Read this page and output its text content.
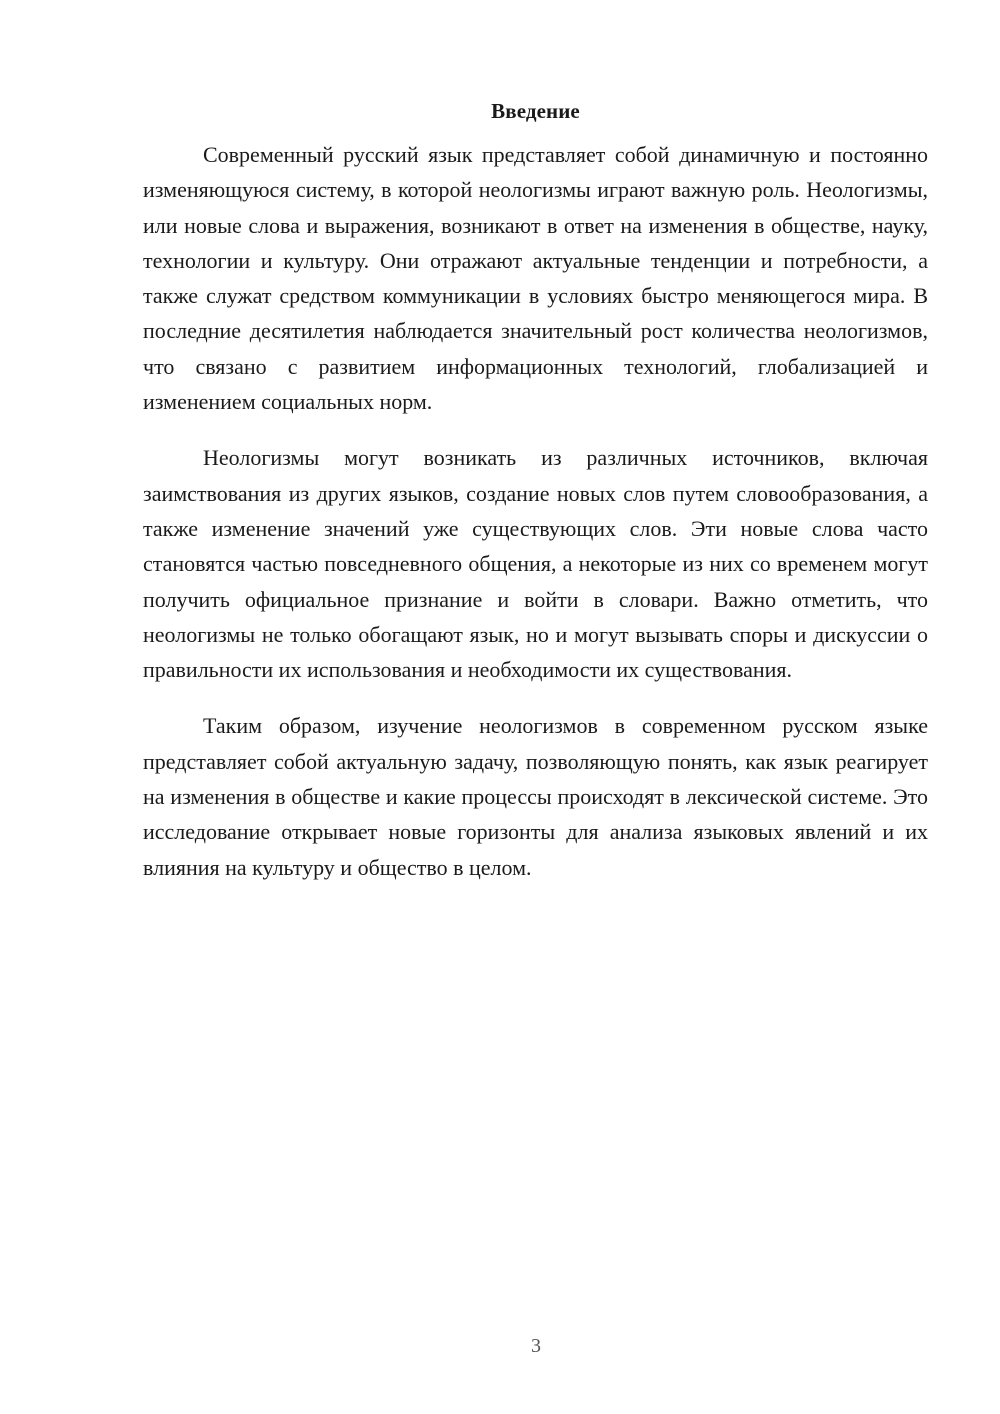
Введение

Современный русский язык представляет собой динамичную и постоянно изменяющуюся систему, в которой неологизмы играют важную роль. Неологизмы, или новые слова и выражения, возникают в ответ на изменения в обществе, науку, технологии и культуру. Они отражают актуальные тенденции и потребности, а также служат средством коммуникации в условиях быстро меняющегося мира. В последние десятилетия наблюдается значительный рост количества неологизмов, что связано с развитием информационных технологий, глобализацией и изменением социальных норм.

Неологизмы могут возникать из различных источников, включая заимствования из других языков, создание новых слов путем словообразования, а также изменение значений уже существующих слов. Эти новые слова часто становятся частью повседневного общения, а некоторые из них со временем могут получить официальное признание и войти в словари. Важно отметить, что неологизмы не только обогащают язык, но и могут вызывать споры и дискуссии о правильности их использования и необходимости их существования.

Таким образом, изучение неологизмов в современном русском языке представляет собой актуальную задачу, позволяющую понять, как язык реагирует на изменения в обществе и какие процессы происходят в лексической системе. Это исследование открывает новые горизонты для анализа языковых явлений и их влияния на культуру и общество в целом.

3
